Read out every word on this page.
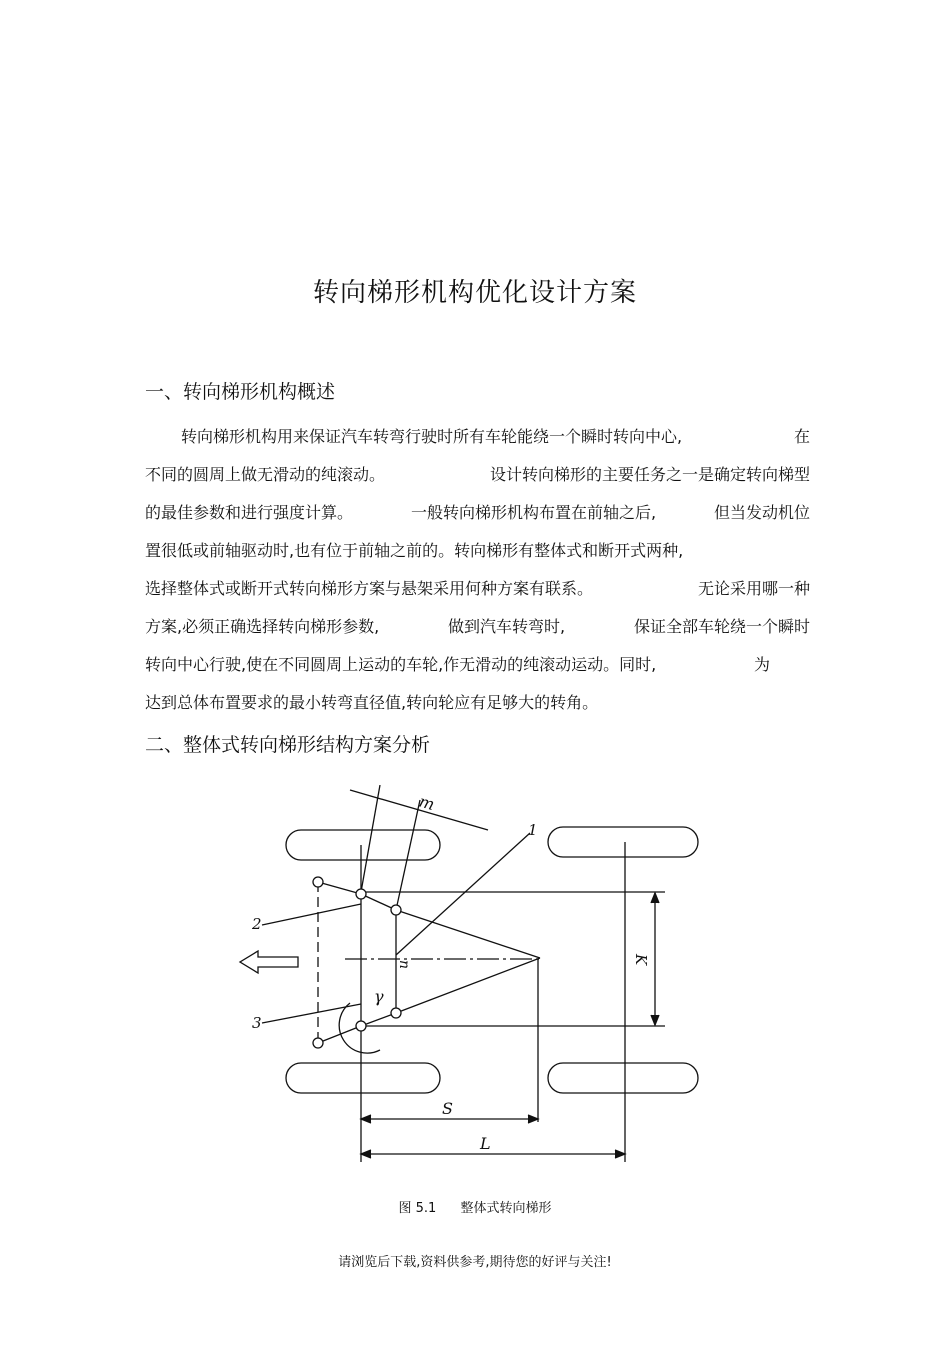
转向梯形机构优化设计方案
一、转向梯形机构概述
转向梯形机构用来保证汽车转弯行驶时所有车轮能绕一个瞬时转向中心,	在
不同的圆周上做无滑动的纯滚动。	设计转向梯形的主要任务之一是确定转向梯型
的最佳参数和进行强度计算。	一般转向梯形机构布置在前轴之后,	但当发动机位
置很低或前轴驱动时,也有位于前轴之前的。转向梯形有整体式和断开式两种,
选择整体式或断开式转向梯形方案与悬架采用何种方案有联系。	无论采用哪一种
方案,必须正确选择转向梯形参数,	做到汽车转弯时,	保证全部车轮绕一个瞬时
转向中心行驶,使在不同圆周上运动的车轮,作无滑动的纯滚动运动。同时,	为
达到总体布置要求的最小转弯直径值,转向轮应有足够大的转角。
二、整体式转向梯形结构方案分析
m
1
2
3
n
γ
K
S
L
图 5.1 整体式转向梯形
请浏览后下载,资料供参考,期待您的好评与关注!
